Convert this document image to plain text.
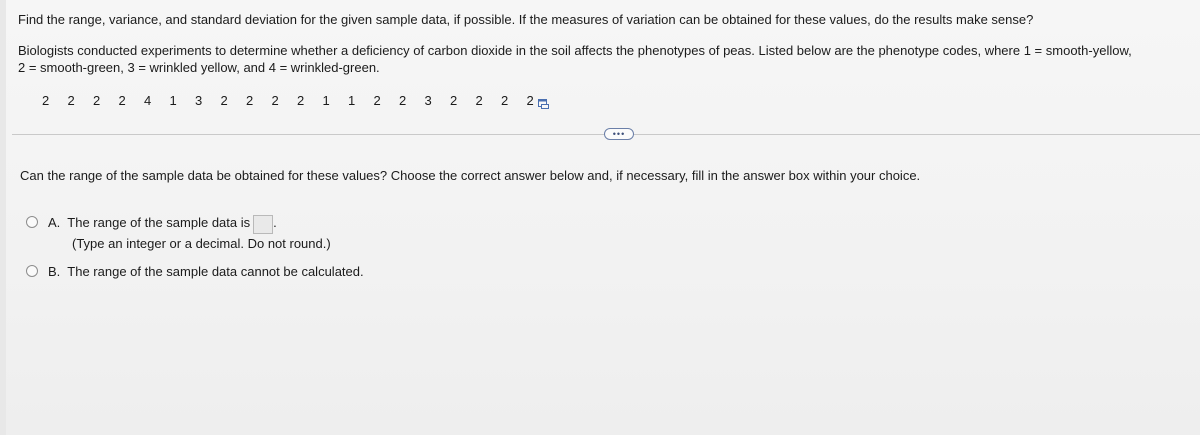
Find the range, variance, and standard deviation for the given sample data, if possible. If the measures of variation can be obtained for these values, do the results make sense?
Biologists conducted experiments to determine whether a deficiency of carbon dioxide in the soil affects the phenotypes of peas. Listed below are the phenotype codes, where 1 = smooth-yellow,
2 = smooth-green, 3 = wrinkled yellow, and 4 = wrinkled-green.
2	2	2	2	4	1	3	2	2	2	2	1	1	2	2	3	2	2	2	2
•••
Can the range of the sample data be obtained for these values? Choose the correct answer below and, if necessary, fill in the answer box within your choice.
A. The range of the sample data is .
(Type an integer or a decimal. Do not round.)
B. The range of the sample data cannot be calculated.
